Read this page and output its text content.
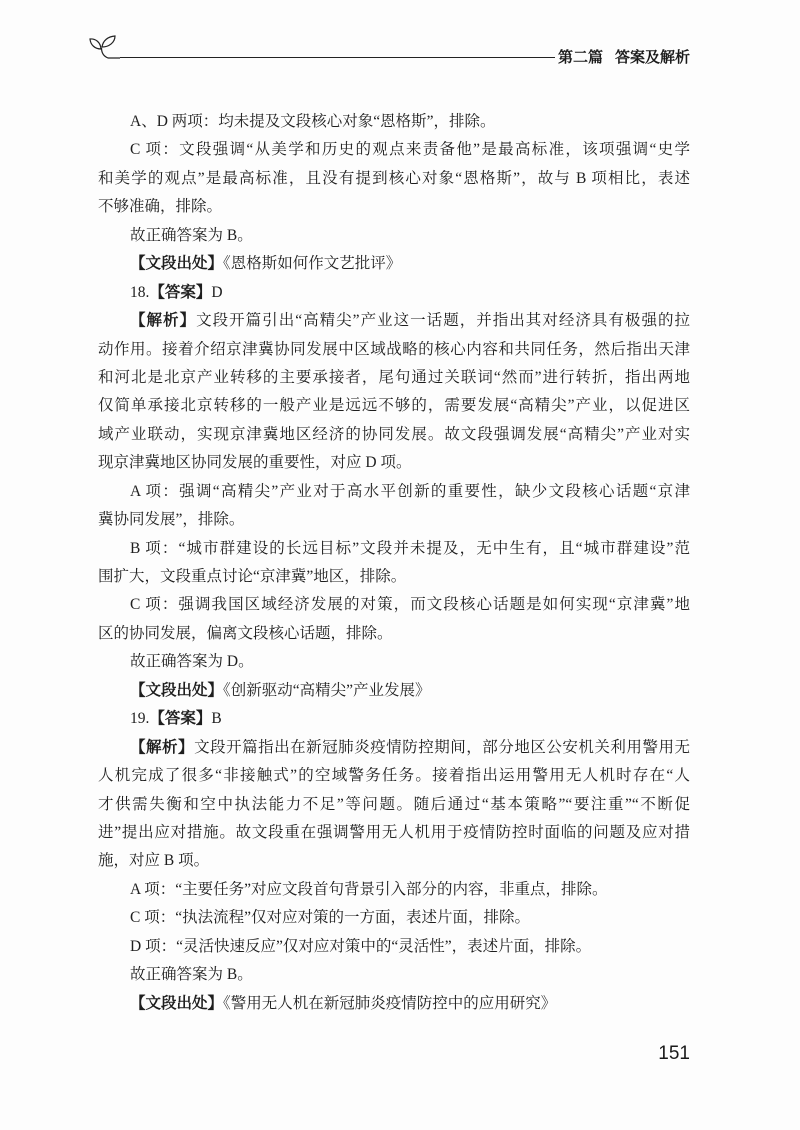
第二篇 答案及解析
A、D 两项：均未提及文段核心对象“恩格斯”，排除。
C 项：文段强调“从美学和历史的观点来责备他”是最高标准，该项强调“史学
和美学的观点”是最高标准，且没有提到核心对象“恩格斯”，故与 B 项相比，表述
不够准确，排除。
故正确答案为 B。
【文段出处】《恩格斯如何作文艺批评》
18.【答案】D
【解析】文段开篇引出“高精尖”产业这一话题，并指出其对经济具有极强的拉
动作用。接着介绍京津冀协同发展中区域战略的核心内容和共同任务，然后指出天津
和河北是北京产业转移的主要承接者，尾句通过关联词“然而”进行转折，指出两地
仅简单承接北京转移的一般产业是远远不够的，需要发展“高精尖”产业，以促进区
域产业联动，实现京津冀地区经济的协同发展。故文段强调发展“高精尖”产业对实
现京津冀地区协同发展的重要性，对应 D 项。
A 项：强调“高精尖”产业对于高水平创新的重要性，缺少文段核心话题“京津
冀协同发展”，排除。
B 项：“城市群建设的长远目标”文段并未提及，无中生有，且“城市群建设”范
围扩大，文段重点讨论“京津冀”地区，排除。
C 项：强调我国区域经济发展的对策，而文段核心话题是如何实现“京津冀”地
区的协同发展，偏离文段核心话题，排除。
故正确答案为 D。
【文段出处】《创新驱动“高精尖”产业发展》
19.【答案】B
【解析】文段开篇指出在新冠肺炎疫情防控期间，部分地区公安机关利用警用无
人机完成了很多“非接触式”的空域警务任务。接着指出运用警用无人机时存在“人
才供需失衡和空中执法能力不足”等问题。随后通过“基本策略”“要注重”“不断促
进”提出应对措施。故文段重在强调警用无人机用于疫情防控时面临的问题及应对措
施，对应 B 项。
A 项：“主要任务”对应文段首句背景引入部分的内容，非重点，排除。
C 项：“执法流程”仅对应对策的一方面，表述片面，排除。
D 项：“灵活快速反应”仅对应对策中的“灵活性”，表述片面，排除。
故正确答案为 B。
【文段出处】《警用无人机在新冠肺炎疫情防控中的应用研究》
151
